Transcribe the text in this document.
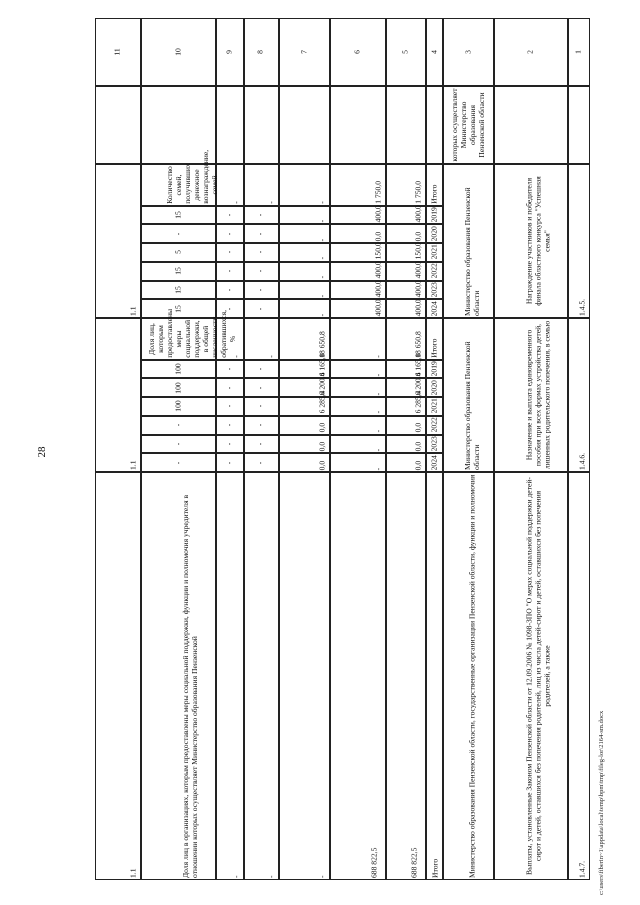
28
1
2
3
4
5
6
7
8
9
10
11
которых осуществляет Министерство образования Пензенской области
1.4.5.
Награждение участников и победителя финала областного конкурса "Успешная семья"
Министерство образования Пензенской области
1.1
Итого
1 750,0
1 750,0
-
-
-
Количество семей, получивших денежное вознаграждение, семей
2019
400,0
400,0
-
-
-
15
2020
0,0
0,0
-
-
-
-
2021
150,0
150,0
-
-
-
5
2022
400,0
400,0
-
-
-
15
2023
400,0
400,0
-
-
-
15
2024
400,0
400,0
-
-
-
15
1.4.6.
Назначение и выплата единовременного пособия при всех формах устройства детей, лишенных родительского попечения, в семью
Министерство образования Пензенской области
1.1
Итого
18 650,8
-
18 650,8
-
-
Доля лиц, которым предоставлены меры социальной поддержки, в общей численности обратившихся, %
2019
6 165,0
-
6 165,0
-
-
100
2020
6 200,4
-
6 200,4
-
-
100
2021
6 285,4
-
6 285,4
-
-
100
2022
0,0
-
0,0
-
-
-
2023
0,0
-
0,0
-
-
-
2024
0,0
-
0,0
-
-
-
1.4.7.
Выплаты, установленные Законом Пензенской области от 12.09.2006 № 1098-ЗПО "О мерах социальной поддержки детей-сирот и детей, оставшихся без попечения родителей, лиц из числа детей-сирот и детей, оставшихся без попечения родителей, а также
Министерство образования Пензенской области, государственные организации Пензенской области, функции и полномочия
1.1	Итого
688 822,5
688 822,5
-
-
-
Доля лиц в организациях, которым предоставлены меры социальной поддержки, функции и полномочия учредителя в отношении которых осуществляет Министерство образования Пензенской	c:\users\fiberin~1\appdata\local\temp\bpm\tmp\fileg-lor\2164-sm.docx
